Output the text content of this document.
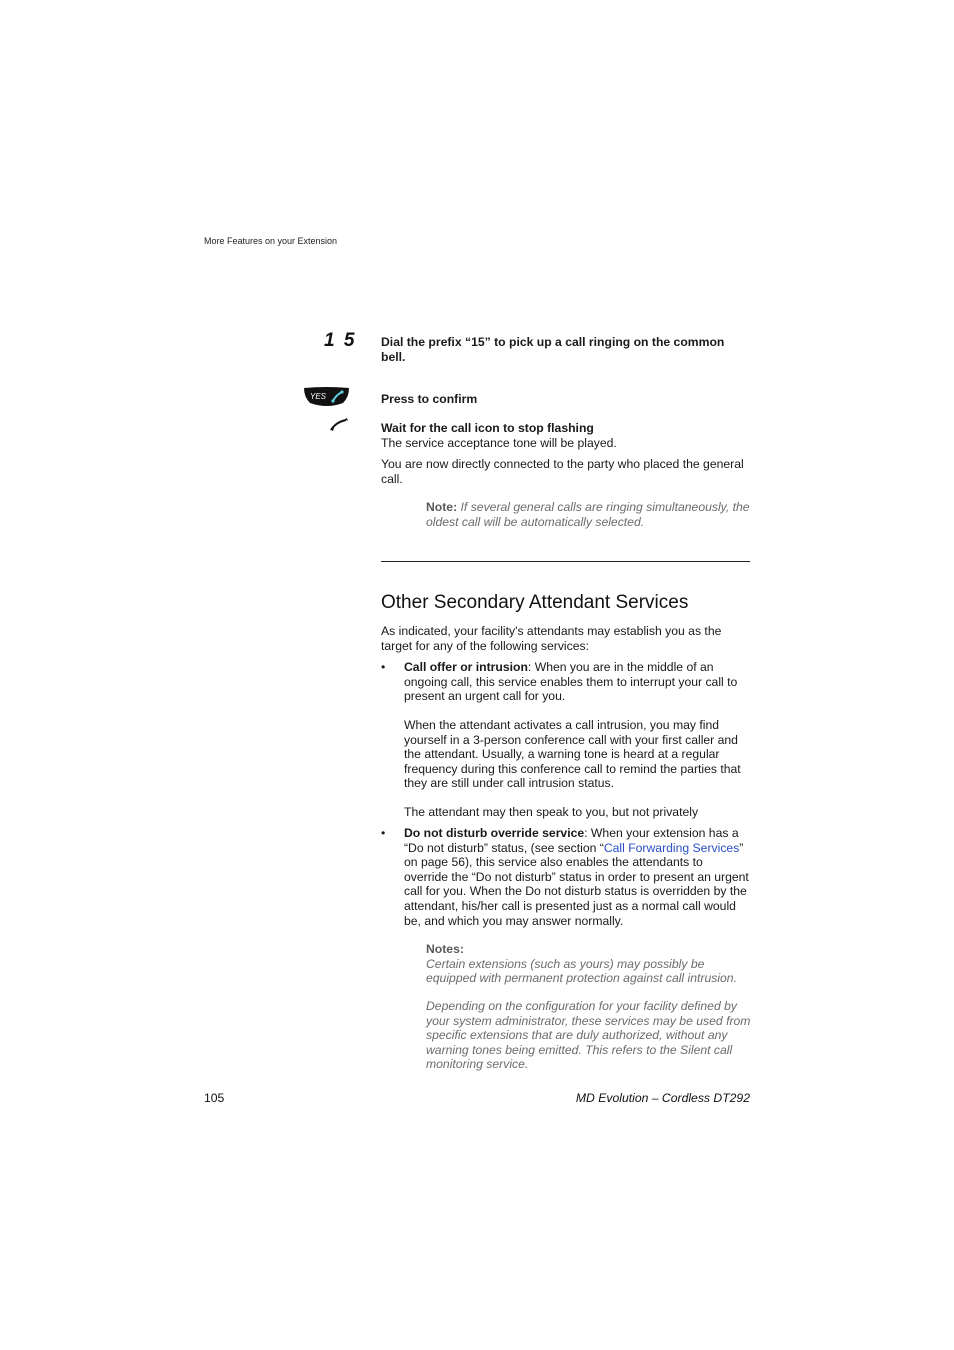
More Features on your Extension
1 5 Dial the prefix “15” to pick up a call ringing on the common bell.
YES	Press to confirm
Wait for the call icon to stop flashing
The service acceptance tone will be played.
You are now directly connected to the party who placed the general call.
Note: If several general calls are ringing simultaneously, the oldest call will be automatically selected.
Other Secondary Attendant Services
As indicated, your facility's attendants may establish you as the target for any of the following services:
• Call offer or intrusion: When you are in the middle of an ongoing call, this service enables them to interrupt your call to present an urgent call for you.
When the attendant activates a call intrusion, you may find yourself in a 3-person conference call with your first caller and the attendant. Usually, a warning tone is heard at a regular frequency during this conference call to remind the parties that they are still under call intrusion status.
The attendant may then speak to you, but not privately
• Do not disturb override service: When your extension has a “Do not disturb” status, (see section “Call Forwarding Services” on page 56), this service also enables the attendants to override the “Do not disturb” status in order to present an urgent call for you. When the Do not disturb status is overridden by the attendant, his/her call is presented just as a normal call would be, and which you may answer normally.
Notes:
Certain extensions (such as yours) may possibly be equipped with permanent protection against call intrusion.
Depending on the configuration for your facility defined by your system administrator, these services may be used from specific extensions that are duly authorized, without any warning tones being emitted. This refers to the Silent call monitoring service.
105	MD Evolution – Cordless DT292
